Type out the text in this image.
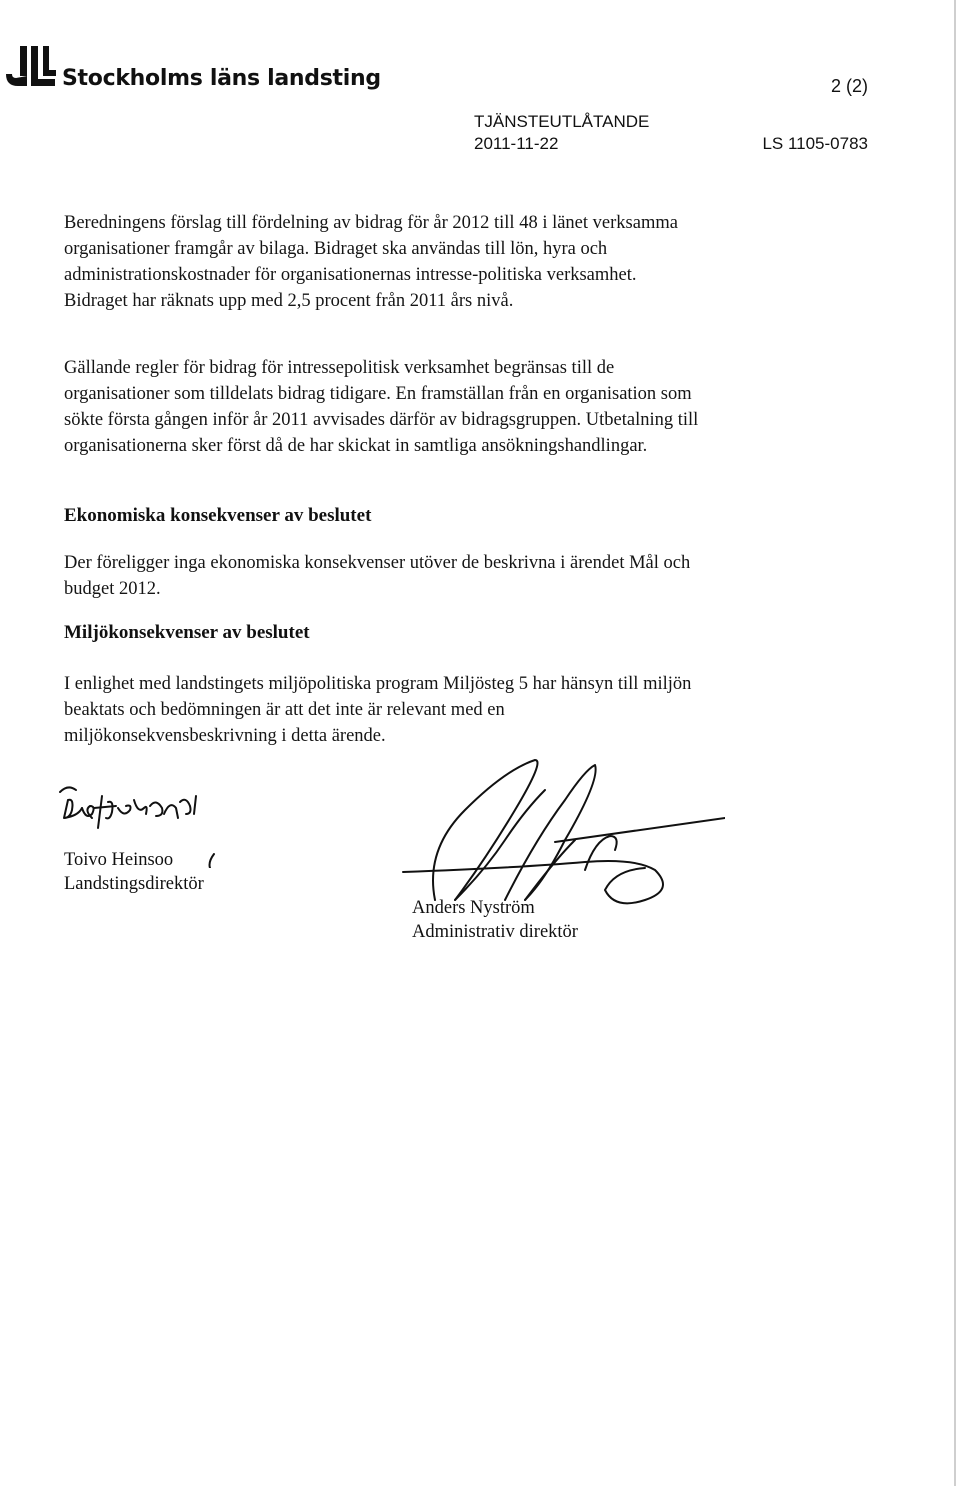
Stockholms läns landsting	2 (2)
TJÄNSTEUTLÅTANDE
2011-11-22	LS 1105-0783

Beredningens förslag till fördelning av bidrag för år 2012 till 48 i länet verksamma organisationer framgår av bilaga. Bidraget ska användas till lön, hyra och administrationskostnader för organisationernas intresse-politiska verksamhet. Bidraget har räknats upp med 2,5 procent från 2011 års nivå.

Gällande regler för bidrag för intressepolitisk verksamhet begränsas till de organisationer som tilldelats bidrag tidigare. En framställan från en organisation som sökte första gången inför år 2011 avvisades därför av bidragsgruppen. Utbetalning till organisationerna sker först då de har skickat in samtliga ansökningshandlingar.

Ekonomiska konsekvenser av beslutet

Der föreligger inga ekonomiska konsekvenser utöver de beskrivna i ärendet Mål och budget 2012.

Miljökonsekvenser av beslutet

I enlighet med landstingets miljöpolitiska program Miljösteg 5 har hänsyn till miljön beaktats och bedömningen är att det inte är relevant med en miljökonsekvensbeskrivning i detta ärende.

Toivo Heinsoo
Landstingsdirektör
Anders Nyström
Administrativ direktör
